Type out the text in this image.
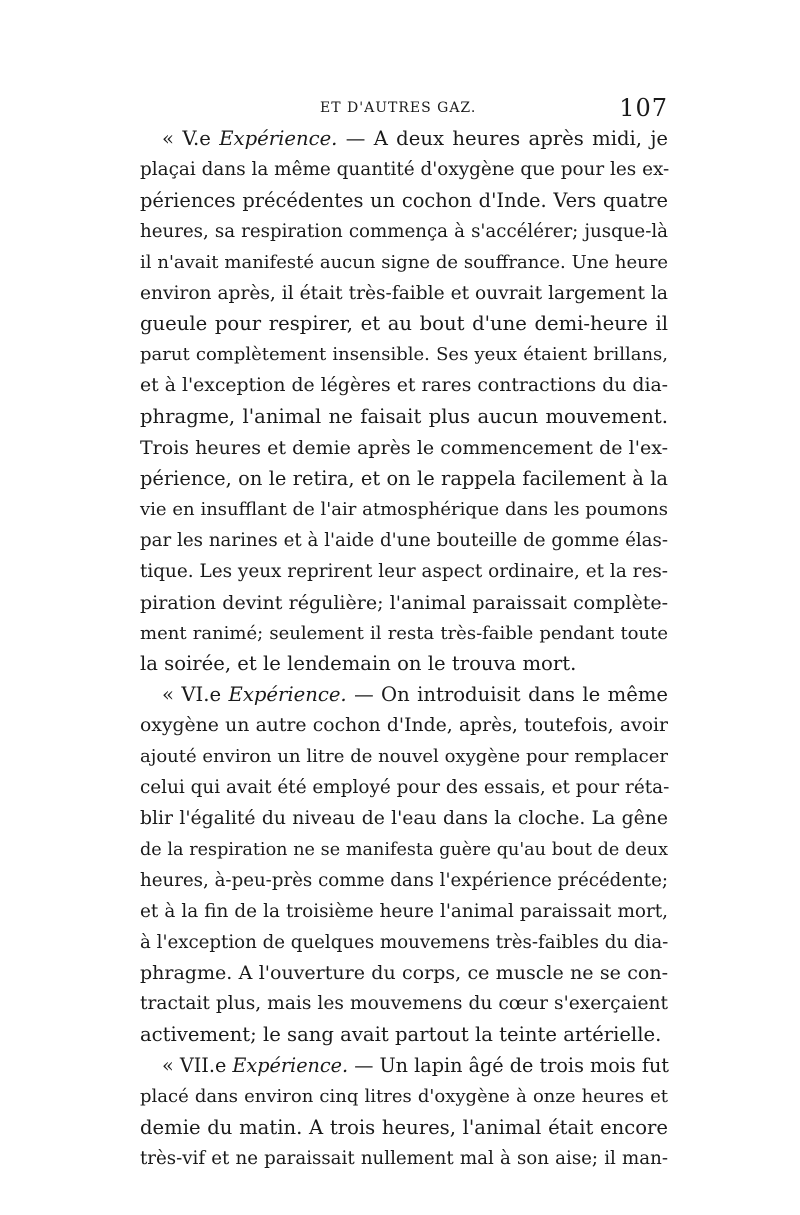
ET D'AUTRES GAZ.	107
« V.e Expérience. — A deux heures après midi, je
plaçai dans la même quantité d'oxygène que pour les ex-
périences précédentes un cochon d'Inde. Vers quatre
heures, sa respiration commença à s'accélérer; jusque-là
il n'avait manifesté aucun signe de souffrance. Une heure
environ après, il était très-faible et ouvrait largement la
gueule pour respirer, et au bout d'une demi-heure il
parut complètement insensible. Ses yeux étaient brillans,
et à l'exception de légères et rares contractions du dia-
phragme, l'animal ne faisait plus aucun mouvement.
Trois heures et demie après le commencement de l'ex-
périence, on le retira, et on le rappela facilement à la
vie en insufflant de l'air atmosphérique dans les poumons
par les narines et à l'aide d'une bouteille de gomme élas-
tique. Les yeux reprirent leur aspect ordinaire, et la res-
piration devint régulière; l'animal paraissait complète-
ment ranimé; seulement il resta très-faible pendant toute
la soirée, et le lendemain on le trouva mort.
« VI.e Expérience. — On introduisit dans le même
oxygène un autre cochon d'Inde, après, toutefois, avoir
ajouté environ un litre de nouvel oxygène pour remplacer
celui qui avait été employé pour des essais, et pour réta-
blir l'égalité du niveau de l'eau dans la cloche. La gêne
de la respiration ne se manifesta guère qu'au bout de deux
heures, à-peu-près comme dans l'expérience précédente;
et à la fin de la troisième heure l'animal paraissait mort,
à l'exception de quelques mouvemens très-faibles du dia-
phragme. A l'ouverture du corps, ce muscle ne se con-
tractait plus, mais les mouvemens du cœur s'exerçaient
activement; le sang avait partout la teinte artérielle.
« VII.e Expérience. — Un lapin âgé de trois mois fut
placé dans environ cinq litres d'oxygène à onze heures et
demie du matin. A trois heures, l'animal était encore
très-vif et ne paraissait nullement mal à son aise; il man-
